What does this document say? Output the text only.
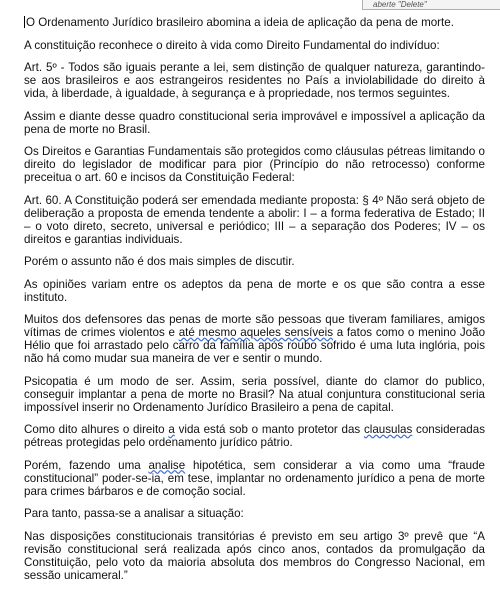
aberte "Delete"

O Ordenamento Jurídico brasileiro abomina a ideia de aplicação da pena de morte.

A constituição reconhece o direito à vida como Direito Fundamental do indivíduo:

Art. 5º - Todos são iguais perante a lei, sem distinção de qualquer natureza, garantindo-se aos brasileiros e aos estrangeiros residentes no País a inviolabilidade do direito à vida, à liberdade, à igualdade, à segurança e à propriedade, nos termos seguintes.

Assim e diante desse quadro constitucional seria improvável e impossível a aplicação da pena de morte no Brasil.

Os Direitos e Garantias Fundamentais são protegidos como cláusulas pétreas limitando o direito do legislador de modificar para pior (Princípio do não retrocesso) conforme preceitua o art. 60 e incisos da Constituição Federal:

Art. 60. A Constituição poderá ser emendada mediante proposta: § 4º Não será objeto de deliberação a proposta de emenda tendente a abolir: I – a forma federativa de Estado; II – o voto direto, secreto, universal e periódico; III – a separação dos Poderes; IV – os direitos e garantias individuais.

Porém o assunto não é dos mais simples de discutir.

As opiniões variam entre os adeptos da pena de morte e os que são contra a esse instituto.

Muitos dos defensores das penas de morte são pessoas que tiveram familiares, amigos vítimas de crimes violentos e até mesmo aqueles sensíveis a fatos como o menino João Hélio que foi arrastado pelo carro da família após roubo sofrido é uma luta inglória, pois não há como mudar sua maneira de ver e sentir o mundo.

Psicopatia é um modo de ser. Assim, seria possível, diante do clamor do publico, conseguir implantar a pena de morte no Brasil? Na atual conjuntura constitucional seria impossível inserir no Ordenamento Jurídico Brasileiro a pena de capital.

Como dito alhures o direito a vida está sob o manto protetor das clausulas consideradas pétreas protegidas pelo ordenamento jurídico pátrio.

Porém, fazendo uma analise hipotética, sem considerar a via como uma “fraude constitucional” poder-se-ia, em tese, implantar no ordenamento jurídico a pena de morte para crimes bárbaros e de comoção social.

Para tanto, passa-se a analisar a situação:

Nas disposições constitucionais transitórias é previsto em seu artigo 3º prevê que “A revisão constitucional será realizada após cinco anos, contados da promulgação da Constituição, pelo voto da maioria absoluta dos membros do Congresso Nacional, em sessão unicameral.”
